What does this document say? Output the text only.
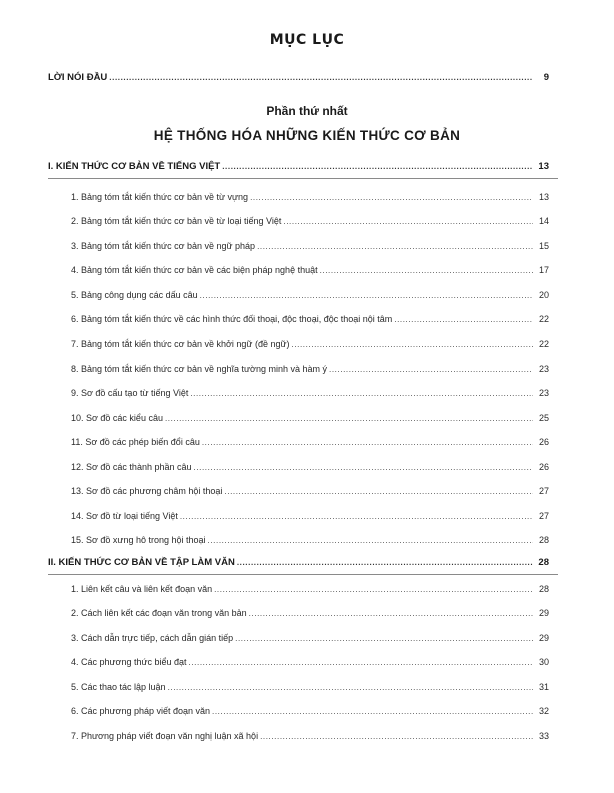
MỤC LỤC
LỜI NÓI ĐẦU .....	9
Phần thứ nhất
HỆ THỐNG HÓA NHỮNG KIẾN THỨC CƠ BẢN
I. KIẾN THỨC CƠ BẢN VỀ TIẾNG VIỆT .....	13
1. Bảng tóm tắt kiến thức cơ bản về từ vựng .....	13
2. Bảng tóm tắt kiến thức cơ bản về từ loại tiếng Việt .....	14
3. Bảng tóm tắt kiến thức cơ bản về ngữ pháp .....	15
4. Bảng tóm tắt kiến thức cơ bản về các biện pháp nghệ thuật .....	17
5. Bảng công dụng các dấu câu .....	20
6. Bảng tóm tắt kiến thức về các hình thức đối thoại, độc thoại, độc thoại nội tâm .....	22
7. Bảng tóm tắt kiến thức cơ bản về khởi ngữ (đề ngữ) .....	22
8. Bảng tóm tắt kiến thức cơ bản về nghĩa tường minh và hàm ý .....	23
9. Sơ đồ cấu tạo từ tiếng Việt .....	23
10. Sơ đồ các kiểu câu .....	25
11. Sơ đồ các phép biến đổi câu .....	26
12. Sơ đồ các thành phần câu .....	26
13. Sơ đồ các phương châm hội thoại .....	27
14. Sơ đồ từ loại tiếng Việt .....	27
15. Sơ đồ xưng hô trong hội thoại .....	28
II. KIẾN THỨC CƠ BẢN VỀ TẬP LÀM VĂN .....	28
1. Liên kết câu và liên kết đoạn văn .....	28
2. Cách liên kết các đoạn văn trong văn bản .....	29
3. Cách dẫn trực tiếp, cách dẫn gián tiếp .....	29
4. Các phương thức biểu đạt .....	30
5. Các thao tác lập luận .....	31
6. Các phương pháp viết đoạn văn .....	32
7. Phương pháp viết đoạn văn nghị luận xã hội .....	33
